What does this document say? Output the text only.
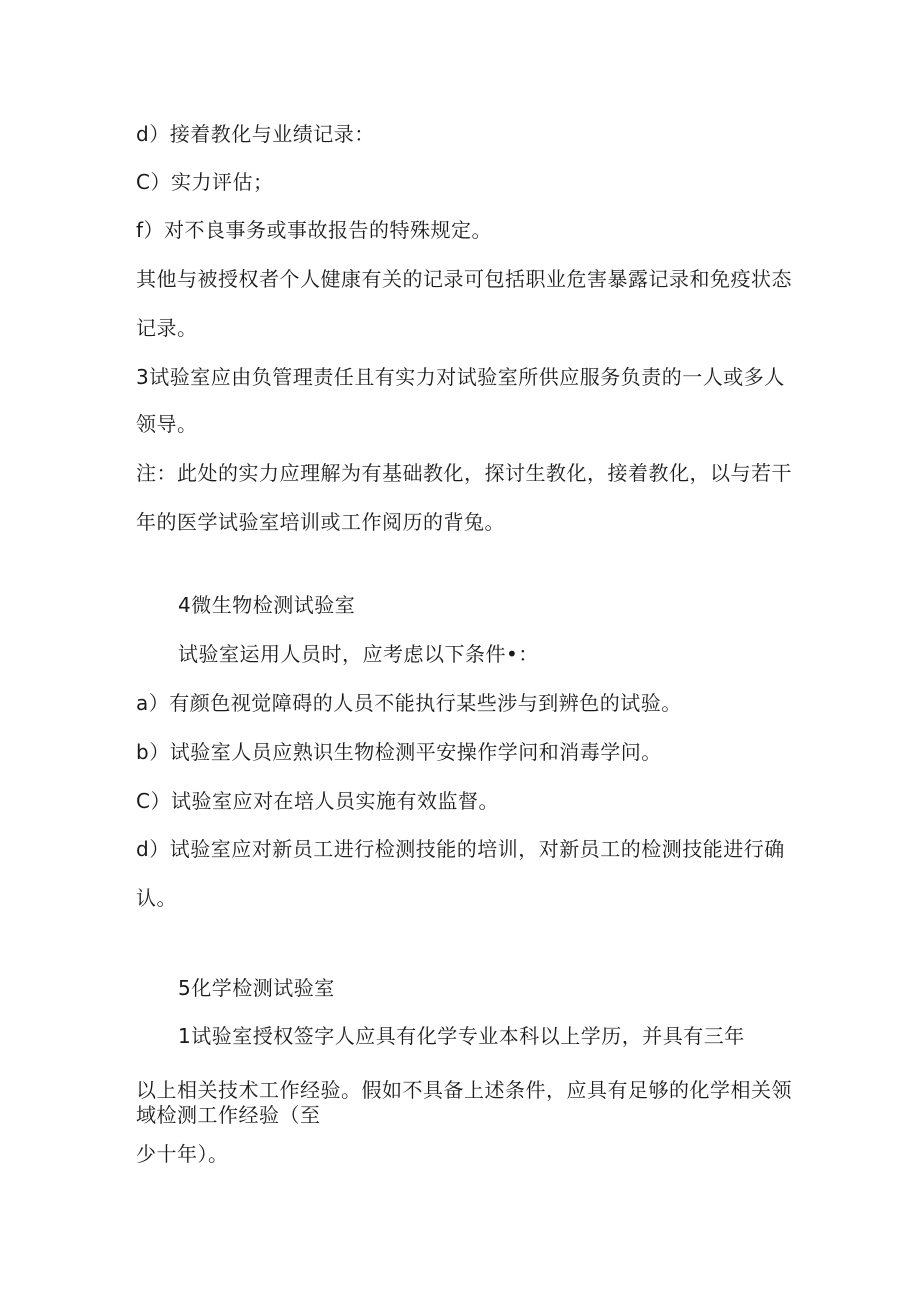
d）接着教化与业绩记录：
C）实力评估；
f）对不良事务或事故报告的特殊规定。
其他与被授权者个人健康有关的记录可包括职业危害暴露记录和免疫状态
记录。
3试验室应由负管理责任且有实力对试验室所供应服务负责的一人或多人
领导。
注：此处的实力应理解为有基础教化，探讨生教化，接着教化，以与若干
年的医学试验室培训或工作阅历的背兔。
4微生物检测试验室
试验室运用人员时，应考虑以下条件•：
a）有颜色视觉障碍的人员不能执行某些涉与到辨色的试验。
b）试验室人员应熟识生物检测平安操作学问和消毒学问。
C）试验室应对在培人员实施有效监督。
d）试验室应对新员工进行检测技能的培训，对新员工的检测技能进行确
认。
5化学检测试验室
1试验室授权签字人应具有化学专业本科以上学历，并具有三年
以上相关技术工作经验。假如不具备上述条件，应具有足够的化学相关领
域检测工作经验（至
少十年）。
